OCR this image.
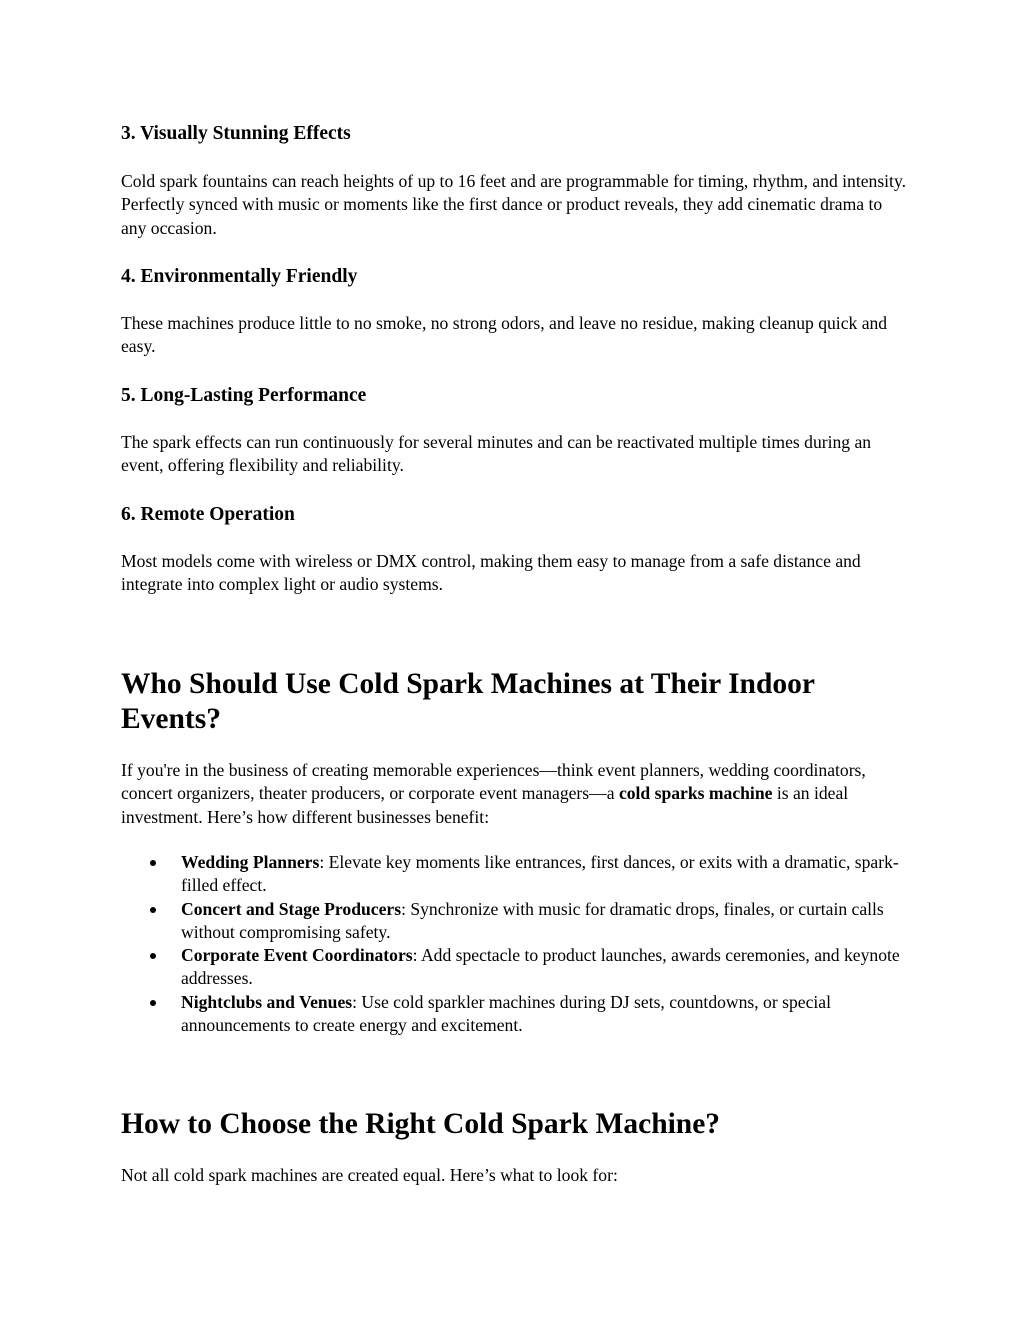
3. Visually Stunning Effects

Cold spark fountains can reach heights of up to 16 feet and are programmable for timing, rhythm, and intensity. Perfectly synced with music or moments like the first dance or product reveals, they add cinematic drama to any occasion.

4. Environmentally Friendly

These machines produce little to no smoke, no strong odors, and leave no residue, making cleanup quick and easy.

5. Long-Lasting Performance

The spark effects can run continuously for several minutes and can be reactivated multiple times during an event, offering flexibility and reliability.

6. Remote Operation

Most models come with wireless or DMX control, making them easy to manage from a safe distance and integrate into complex light or audio systems.

Who Should Use Cold Spark Machines at Their Indoor Events?

If you're in the business of creating memorable experiences—think event planners, wedding coordinators, concert organizers, theater producers, or corporate event managers—a cold sparks machine is an ideal investment. Here’s how different businesses benefit:

Wedding Planners: Elevate key moments like entrances, first dances, or exits with a dramatic, spark-filled effect.
Concert and Stage Producers: Synchronize with music for dramatic drops, finales, or curtain calls without compromising safety.
Corporate Event Coordinators: Add spectacle to product launches, awards ceremonies, and keynote addresses.
Nightclubs and Venues: Use cold sparkler machines during DJ sets, countdowns, or special announcements to create energy and excitement.
How to Choose the Right Cold Spark Machine?

Not all cold spark machines are created equal. Here’s what to look for:
